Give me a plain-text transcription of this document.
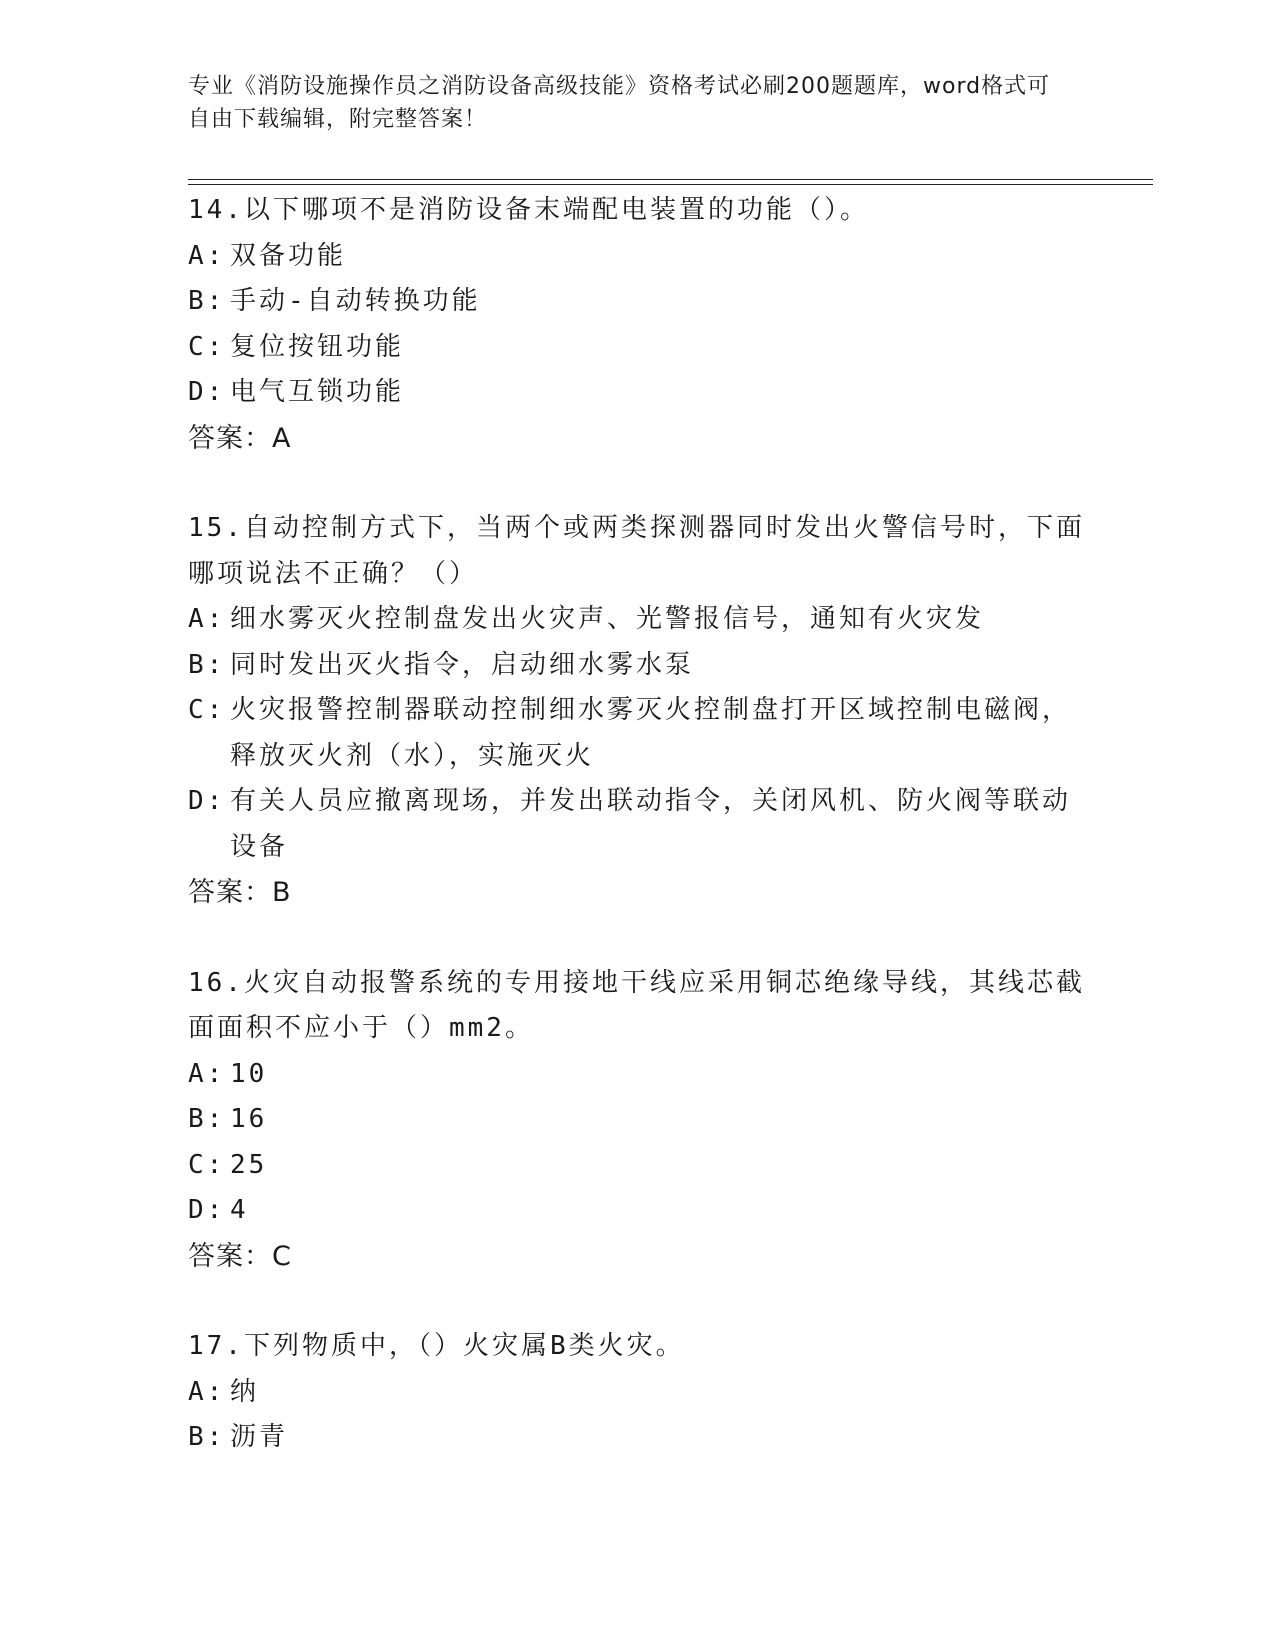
专业《消防设施操作员之消防设备高级技能》资格考试必刷200题题库，word格式可自由下载编辑，附完整答案！

14.以下哪项不是消防设备末端配电装置的功能（）。

A: 双备功能

B: 手动-自动转换功能

C: 复位按钮功能

D: 电气互锁功能

答案：A

15.自动控制方式下，当两个或两类探测器同时发出火警信号时，下面哪项说法不正确？（）

A: 细水雾灭火控制盘发出火灾声、光警报信号，通知有火灾发

B: 同时发出灭火指令，启动细水雾水泵

C: 火灾报警控制器联动控制细水雾灭火控制盘打开区域控制电磁阀，释放灭火剂（水），实施灭火

D: 有关人员应撤离现场，并发出联动指令，关闭风机、防火阀等联动设备

答案：B

16.火灾自动报警系统的专用接地干线应采用铜芯绝缘导线，其线芯截面面积不应小于（）mm2。

A: 10

B: 16

C: 25

D: 4

答案：C

17.下列物质中，（）火灾属B类火灾。

A: 纳

B: 沥青
